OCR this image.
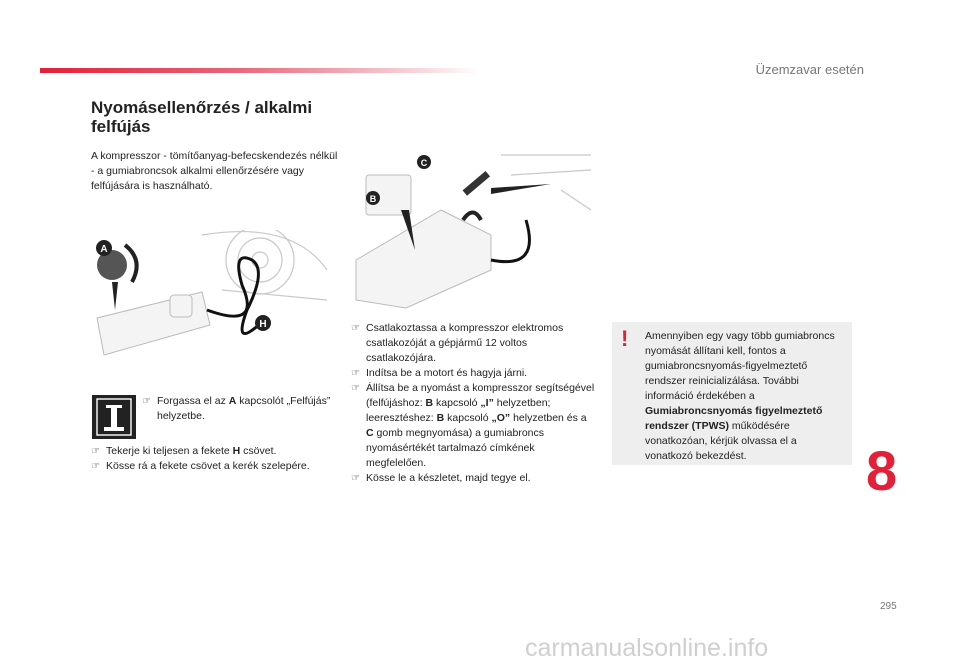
Üzemzavar esetén
Nyomásellenőrzés / alkalmi felfújás
A kompresszor - tömítőanyag-befecskendezés nélkül - a gumiabroncsok alkalmi ellenőrzésére vagy felfújására is használható.
A
H
B
C
☞ Forgassa el az A kapcsolót „Felfújás” helyzetbe.
☞ Tekerje ki teljesen a fekete H csövet.
☞ Kösse rá a fekete csövet a kerék szelepére.
☞ Csatlakoztassa a kompresszor elektromos csatlakozóját a gépjármű 12 voltos csatlakozójára.
☞ Indítsa be a motort és hagyja járni.
☞ Állítsa be a nyomást a kompresszor segítségével (felfújáshoz: B kapcsoló „I” helyzetben; leeresztéshez: B kapcsoló „O” helyzetben és a C gomb megnyomása) a gumiabroncs nyomásértékét tartalmazó címkének megfelelően.
☞ Kösse le a készletet, majd tegye el.
! Amennyiben egy vagy több gumiabroncs nyomását állítani kell, fontos a gumiabroncsnyomás-figyelmeztető rendszer reinicializálása. További információ érdekében a Gumiabroncsnyomás figyelmeztető rendszer (TPWS) működésére vonatkozóan, kérjük olvassa el a vonatkozó bekezdést.	8
295
carmanualsonline.info
